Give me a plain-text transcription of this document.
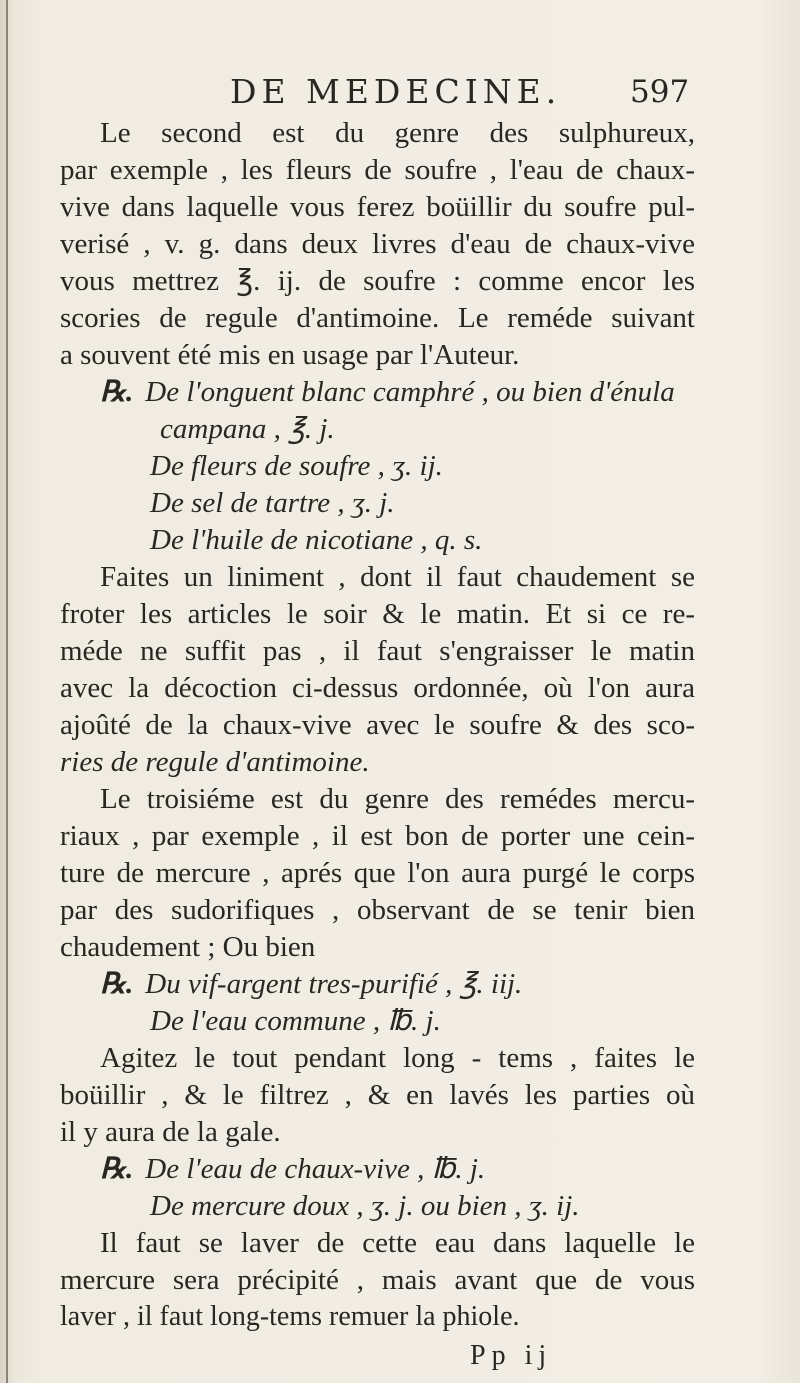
DE MEDECINE. 597
Le second est du genre des sulphureux,
par exemple , les fleurs de soufre , l'eau de chaux-
vive dans laquelle vous ferez boüillir du soufre pul-
verisé , v. g. dans deux livres d'eau de chaux-vive
vous mettrez ℥. ij. de soufre : comme encor les
scories de regule d'antimoine. Le reméde suivant
a souvent été mis en usage par l'Auteur.
℞. De l'onguent blanc camphré , ou bien d'énula
campana , ℥. j.
De fleurs de soufre , ʒ. ij.
De sel de tartre , ʒ. j.
De l'huile de nicotiane , q. s.
Faites un liniment , dont il faut chaudement se
froter les articles le soir & le matin. Et si ce re-
méde ne suffit pas , il faut s'engraisser le matin
avec la décoction ci-dessus ordonnée, où l'on aura
ajoûté de la chaux-vive avec le soufre & des sco-
ries de regule d'antimoine.
Le troisiéme est du genre des remédes mercu-
riaux , par exemple , il est bon de porter une cein-
ture de mercure , aprés que l'on aura purgé le corps
par des sudorifiques , observant de se tenir bien
chaudement ; Ou bien
℞. Du vif-argent tres-purifié , ℥. iij.
De l'eau commune , ℔. j.
Agitez le tout pendant long - tems , faites le
boüillir , & le filtrez , & en lavés les parties où
il y aura de la gale.
℞. De l'eau de chaux-vive , ℔. j.
De mercure doux , ʒ. j. ou bien , ʒ. ij.
Il faut se laver de cette eau dans laquelle le
mercure sera précipité , mais avant que de vous
laver , il faut long-tems remuer la phiole.
Pp ij
